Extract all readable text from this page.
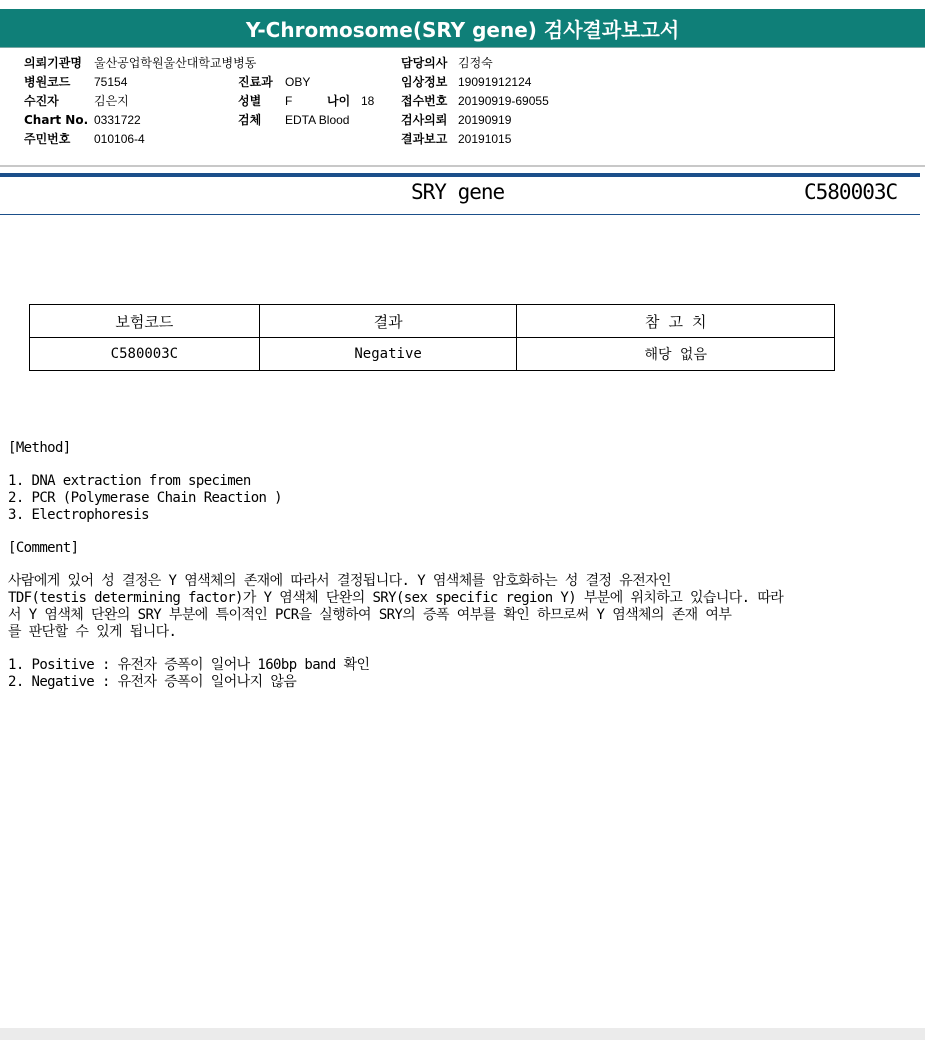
Y-Chromosome(SRY gene) 검사결과보고서
의뢰기관명	울산공업학원울산대학교병병동
병원코드	75154
수진자	김은지
Chart No. 0331722
주민번호	010106-4
진료과	OBY
성별	F	나이 18
검체	EDTA Blood
담당의사 김정숙
임상정보 19091912124
접수번호 20190919-69055
검사의뢰 20190919
결과보고 20191015
SRY gene	C580003C
보험코드	결과	참 고 치
C580003C	Negative	해당 없음
[Method]
1. DNA extraction from specimen
2. PCR (Polymerase Chain Reaction )
3. Electrophoresis
[Comment]
사람에게 있어 성 결정은 Y 염색체의 존재에 따라서 결정됩니다. Y 염색체를 암호화하는 성 결정 유전자인
TDF(testis determining factor)가 Y 염색체 단완의 SRY(sex specific region Y) 부분에 위치하고 있습니다. 따라
서 Y 염색체 단완의 SRY 부분에 특이적인 PCR을 실행하여 SRY의 증폭 여부를 확인 하므로써 Y 염색체의 존재 여부
를 판단할 수 있게 됩니다.
1. Positive : 유전자 증폭이 일어나 160bp band 확인
2. Negative : 유전자 증폭이 일어나지 않음
